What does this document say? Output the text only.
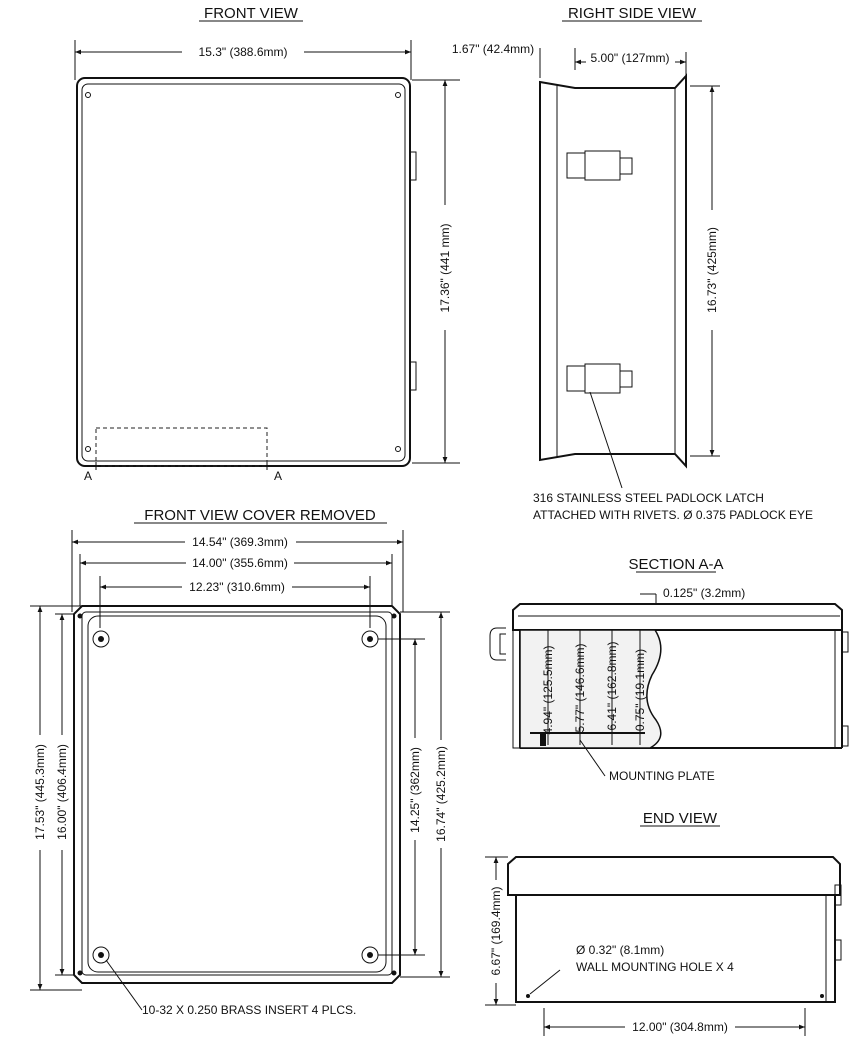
FRONT VIEW
15.3" (388.6mm)
A	A
17.36" (441 mm)
RIGHT SIDE VIEW
1.67" (42.4mm)
5.00" (127mm)
16.73" (425mm)
316 STAINLESS STEEL PADLOCK LATCH
ATTACHED WITH RIVETS. Ø 0.375 PADLOCK EYE
FRONT VIEW COVER REMOVED
14.54" (369.3mm)
14.00" (355.6mm)
12.23" (310.6mm)
17.53" (445.3mm) 16.00" (406.4mm)	14.25" (362mm) 16.74" (425.2mm)
10-32 X 0.250 BRASS INSERT 4 PLCS.
SECTION A-A
0.125" (3.2mm)
4.94" (125.5mm) 5.77" (146.6mm) 6.41" (162.8mm) 0.75" (19.1mm)
MOUNTING PLATE
END VIEW
Ø 0.32" (8.1mm)
WALL MOUNTING HOLE X 4
6.67" (169.4mm)
12.00" (304.8mm)
